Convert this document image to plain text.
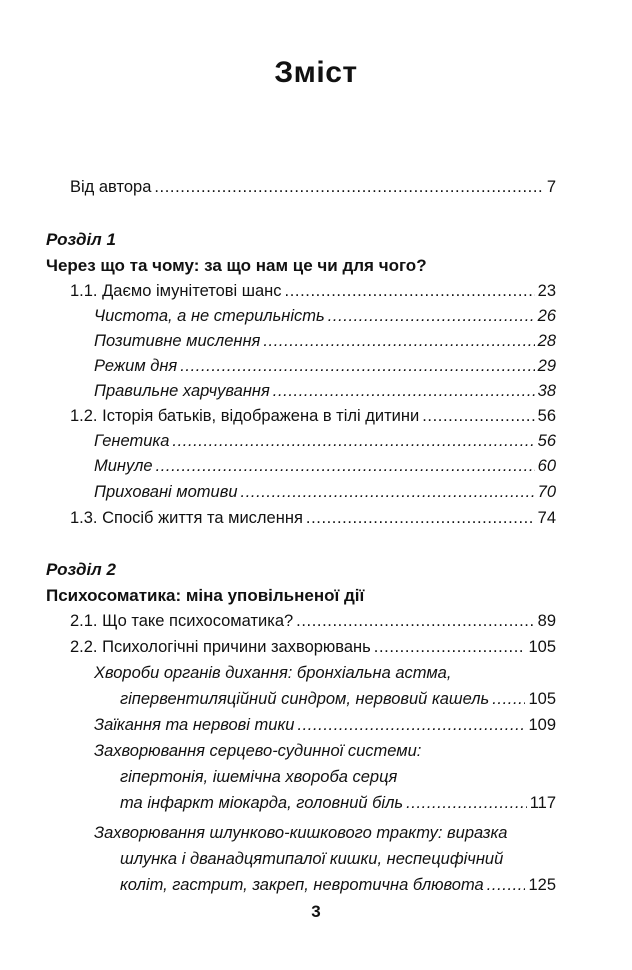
Зміст
Від автора .....	7
Розділ 1
Через що та чому: за що нам це чи для чого?
1.1. Даємо імунітетові шанс .....	23
Чистота, а не стерильність .....	26
Позитивне мислення .....	28
Режим дня .....	29
Правильне харчування .....	38
1.2. Історія батьків, відображена в тілі дитини .....	56
Генетика .....	56
Минуле .....	60
Приховані мотиви .....	70
1.3. Спосіб життя та мислення .....	74
Розділ 2
Психосоматика: міна уповільненої дії
2.1. Що таке психосоматика? .....	89
2.2. Психологічні причини захворювань .....	105
Хвороби органів дихання: бронхіальна астма,
гіпервентиляційний синдром, нервовий кашель ..... 105
Заїкання та нервові тики .....	109
Захворювання серцево-судинної системи:
гіпертонія, ішемічна хвороба серця
та інфаркт міокарда, головний біль .....	117
Захворювання шлунково-кишкового тракту: виразка
шлунка і дванадцятипалої кишки, неспецифічний
коліт, гастрит, закреп, невротична блювота .....	125
3
